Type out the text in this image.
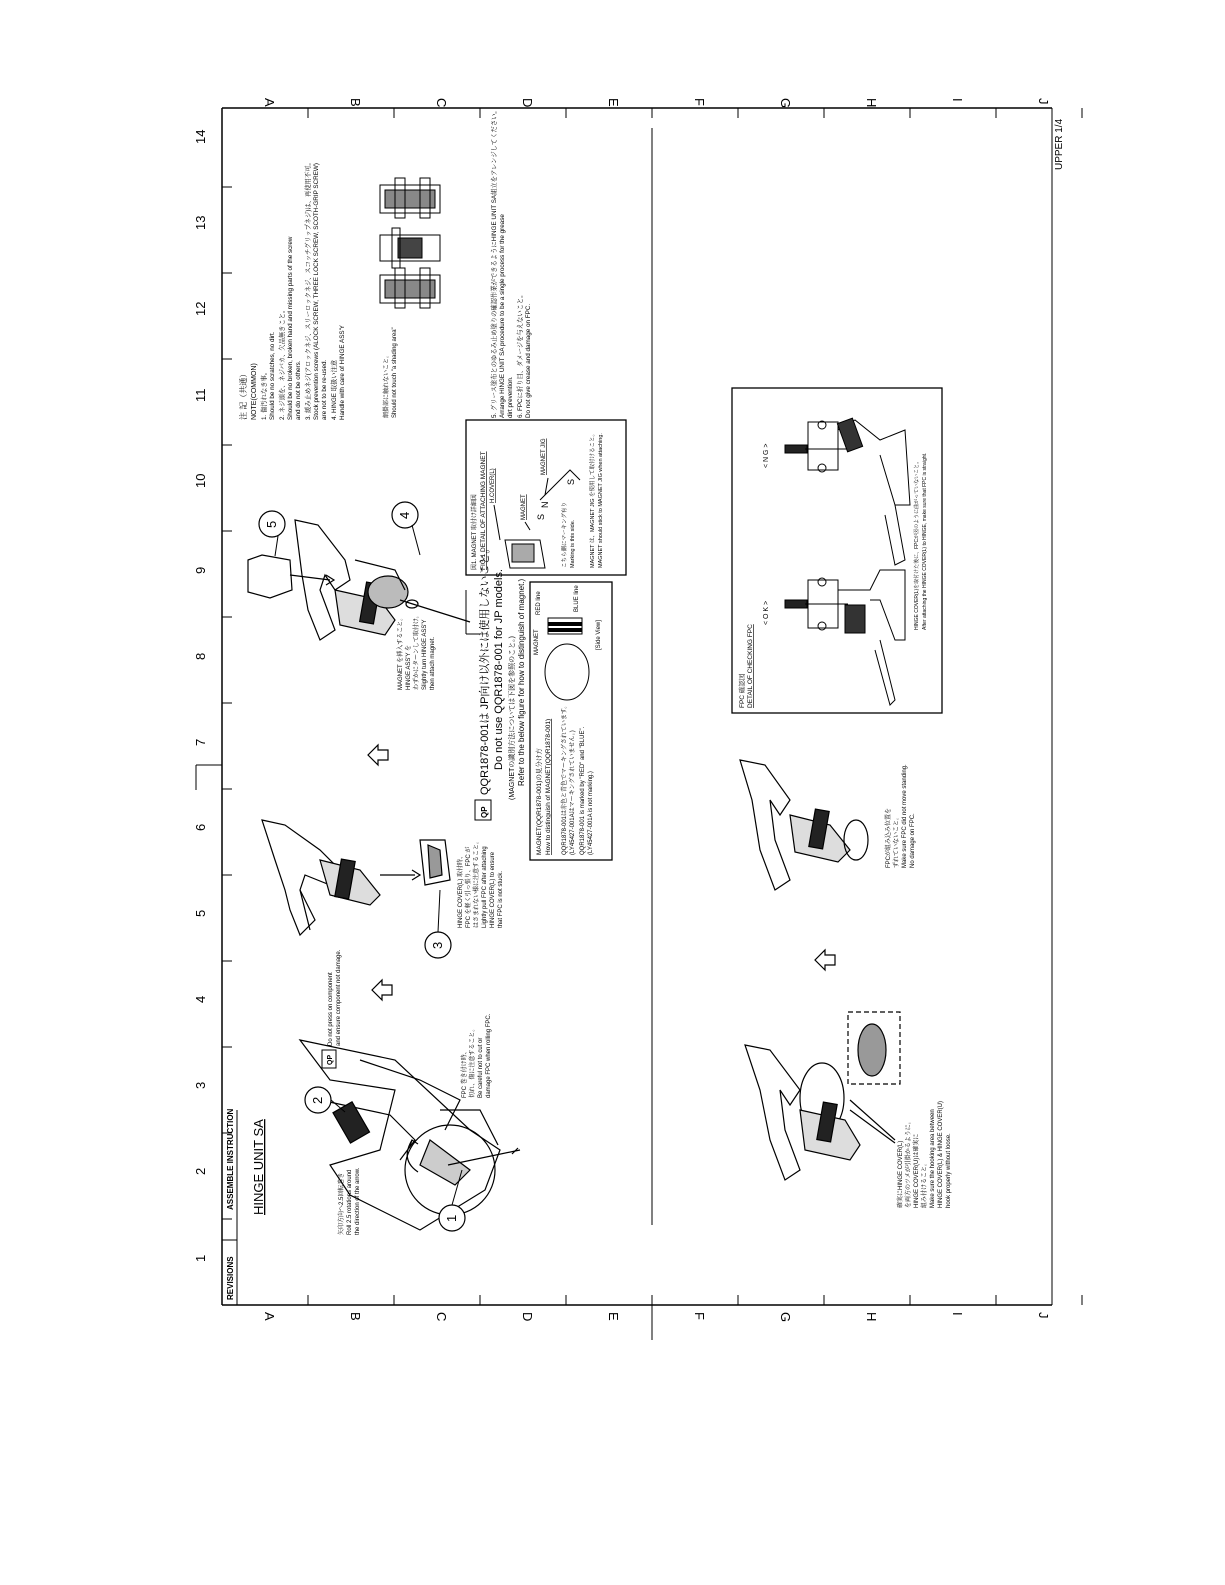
A	B	C	D	E	F	G	H	I	J
A	B	C	D	E	F	G	H	I	J
1
2
3
4
5
6
7
8
9
10
11
12
13
14
REVISIONS
ASSEMBLE INSTRUCTION HINGE UNIT SA
UPPER 1/4
注 記（共通） NOTE(COMMON) 1. 傷汚れなき事。 Should be no scratches, no dirt. 2. ネジ頭を、ネジバカ、欠品無きこと。 Should be no broken, broken hand and missing parts of the screw and do not be others. 3. 緩み止めネジ(アロックネジ、スリーロックネジ、スコッチグリップネジ)は、再使用不可。 Stock prevention screws (ALOCK SCREW, THREE LOCK SCREW, SCOTH-GRIP SCREW) are not to be re-used. 4. HINGE 取扱い注意 Handle with care of HINGE ASS'Y	網掛部に触れないこと。 Should not touch "a shading area"	5. グリース塗布とのゆるみ止め塗りの確認作業ができるようにHINGE UNIT SA組立をアレンジしてください。 Arrange HINGE UNIT SA procedure to be a single process for the grease dirt prevention. 6. FPCに折り目、ダメージを与えないこと。 Do not give crease and damage on FPC.
1
矢印方向へ2.5回転巻き Roll 2.5 rotations around the direction of the arrow.
2
QP
Do not press on component and ensure component not damage.
FPC 巻き付け時、 切れ、傷に注意すること。 Be careful not to cut or damage FPC when rolling FPC.
3
HINGE COVER(L) 取付時、 FPC を軽く引っ張り、FPC が はさまれない様に注意すること。 Lightly pull FPC after attaching HINGE COVER(L) to ensure that FPC is not stuck.
4
5
MAGNET を挿入すること。 HINGE ASS'Y を わずかにターンして取付け。 Slightly turn HINGE ASS'Y then attach magnet.
QP
QQR1878-001は JP向け以外には使用しないこと。 Do not use QQR1878-001 for JP models. (MAGNETの識別方法については下図を参照のこと。) Refer to the below figure for how to distinguish of magnet.)
MAGNET(QQR1878-001)の見分け方 How to distinguish of MAGNET(QQR1878-001)	QQR1878-001は赤色と青色でマーキングされています。 (LY45427-001Aはマーキングされていません。) QQR1878-001 is marked by "RED" and "BLUE". (LY45427-001A is not marking.)
MAGNET
RED line	BLUE line
[Side View]
図1. MAGNET 取付け詳細図 FIG.1 DETAIL OF ATTACHING MAGNET H.COVER(L)
MAGNET
MAGNET JIG
S
N
S
こちら側にマーキング有り Marking is this side.	MAGNET は、MAGNET JIG を使用して取付けること。 MAGNET should stick to MAGNET JIG when attaching.
確実にHINGE COVER(L) を両方のツメが引掛かるように。 HINGE COVER(U)は確実に 組み付けること。 Make sure the hooking area between HINGE COVER(L) & HINGE COVER(U) hook properly without loose.
FPCが組み込み位置を ずれていないこと。 Make sure FPC did not move standing. No damage on FPC.
FPC 確認図 DETAIL OF CHECKING FPC
< O K >
< N G >
HINGE COVER(L)を取付けた後に、FPCが図のように曲がっていないこと。 After attaching the HINGE COVER(L) to HINGE, make sure that FPC is straight.
